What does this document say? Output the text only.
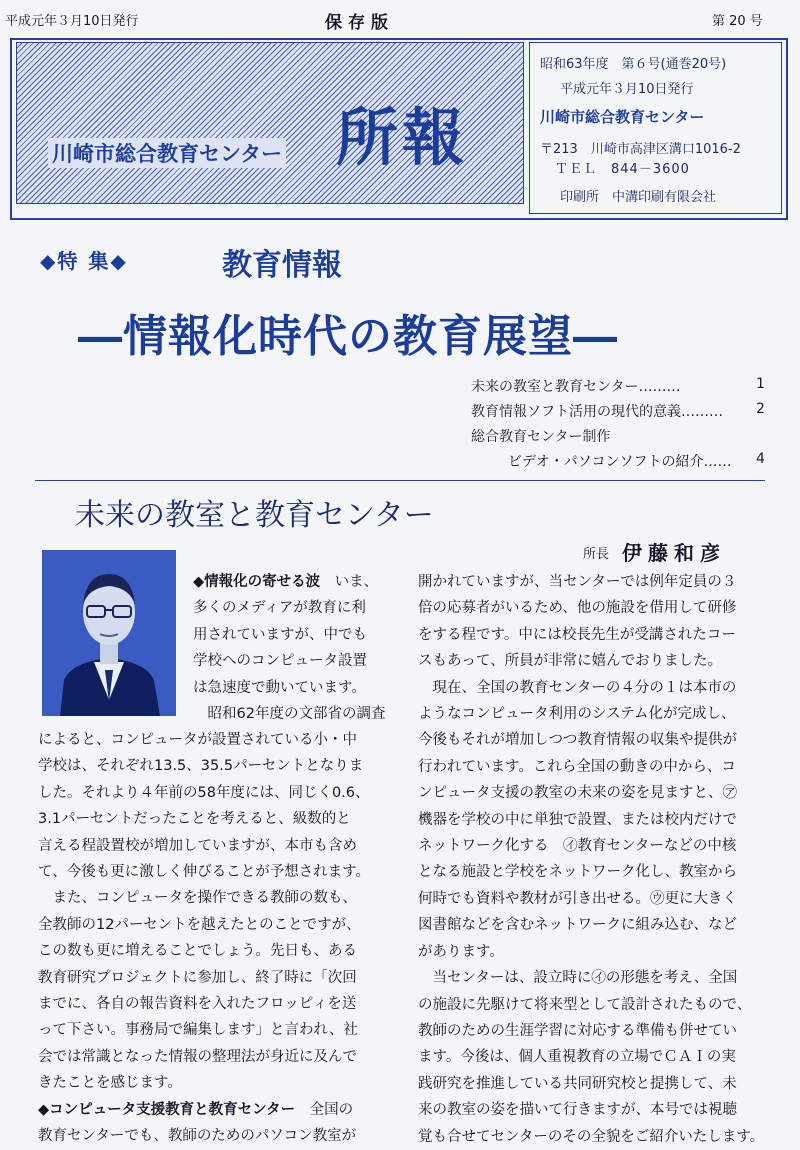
平成元年３月10日発行	保存版	第 20 号
所報
川崎市総合教育センター
昭和63年度　第６号(通巻20号)
平成元年３月10日発行
川崎市総合教育センター
〒213　川崎市高津区溝口1016-2
ＴＥＬ　844－3600
印刷所　中溝印刷有限会社
◆特 集◆	教育情報
―情報化時代の教育展望―
未来の教室と教育センター………	1
教育情報ソフト活用の現代的意義……… 2
総合教育センター制作
ビデオ・パソコンソフトの紹介…… 4
未来の教室と教育センター
所長 伊藤和彦

◆情報化の寄せる波　いま、

多くのメディアが教育に利

用されていますが、中でも

学校へのコンピュータ設置

は急速度で動いています。

　昭和62年度の文部省の調査

によると、コンピュータが設置されている小・中

学校は、それぞれ13.5、35.5パーセントとなりま

した。それより４年前の58年度には、同じく0.6、

3.1パーセントだったことを考えると、級数的と

言える程設置校が増加していますが、本市も含め

て、今後も更に激しく伸びることが予想されます。

　また、コンピュータを操作できる教師の数も、

全教師の12パーセントを越えたとのことですが、

この数も更に増えることでしょう。先日も、ある

教育研究プロジェクトに参加し、終了時に「次回

までに、各自の報告資料を入れたフロッピィを送

って下さい。事務局で編集します」と言われ、社

会では常識となった情報の整理法が身近に及んで

きたことを感じます。

◆コンピュータ支援教育と教育センター　全国の

教育センターでも、教師のためのパソコン教室が

開かれていますが、当センターでは例年定員の３

倍の応募者がいるため、他の施設を借用して研修

をする程です。中には校長先生が受講されたコー

スもあって、所員が非常に嬉んでおりました。

　現在、全国の教育センターの４分の１は本市の

ようなコンピュータ利用のシステム化が完成し、

今後もそれが増加しつつ教育情報の収集や提供が

行われています。これら全国の動きの中から、コ

ンピュータ支援の教室の未来の姿を見ますと、㋐

機器を学校の中に単独で設置、または校内だけで

ネットワーク化する　㋑教育センターなどの中核

となる施設と学校をネットワーク化し、教室から

何時でも資料や教材が引き出せる。㋒更に大きく

図書館などを含むネットワークに組み込む、など

があります。

　当センターは、設立時に㋑の形態を考え、全国

の施設に先駆けて将来型として設計されたもので、

教師のための生涯学習に対応する準備も併せてい

ます。今後は、個人重視教育の立場でＣＡＩの実

践研究を推進している共同研究校と提携して、未

来の教室の姿を描いて行きますが、本号では視聴

覚も合せてセンターのその全貌をご紹介いたします。
